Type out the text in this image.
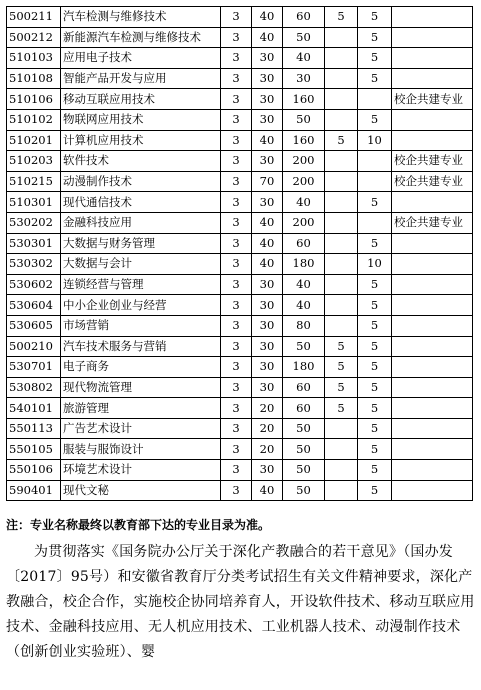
500211	汽车检测与维修技术	3	40	60	5	5	
500212	新能源汽车检测与维修技术	3	40	50		5	
510103	应用电子技术	3	30	40		5	
510108	智能产品开发与应用	3	30	30		5	
510106	移动互联应用技术	3	30	160			校企共建专业
510102	物联网应用技术	3	30	50		5	
510201	计算机应用技术	3	40	160	5	10	
510203	软件技术	3	30	200			校企共建专业
510215	动漫制作技术	3	70	200			校企共建专业
510301	现代通信技术	3	30	40		5	
530202	金融科技应用	3	40	200			校企共建专业
530301	大数据与财务管理	3	40	60		5	
530302	大数据与会计	3	40	180		10	
530602	连锁经营与管理	3	30	40		5	
530604	中小企业创业与经营	3	30	40		5	
530605	市场营销	3	30	80		5	
500210	汽车技术服务与营销	3	30	50	5	5	
530701	电子商务	3	30	180	5	5	
530802	现代物流管理	3	30	60	5	5	
540101	旅游管理	3	20	60	5	5	
550113	广告艺术设计	3	20	50		5	
550105	服装与服饰设计	3	20	50		5	
550106	环境艺术设计	3	30	50		5	
590401	现代文秘	3	40	50		5	
注：专业名称最终以教育部下达的专业目录为准。
为贯彻落实《国务院办公厅关于深化产教融合的若干意见》（国办发〔2017〕95号）和安徽省教育厅分类考试招生有关文件精神要求，深化产教融合，校企合作，实施校企协同培养育人，开设软件技术、移动互联应用技术、金融科技应用、无人机应用技术、工业机器人技术、动漫制作技术（创新创业实验班）、婴
